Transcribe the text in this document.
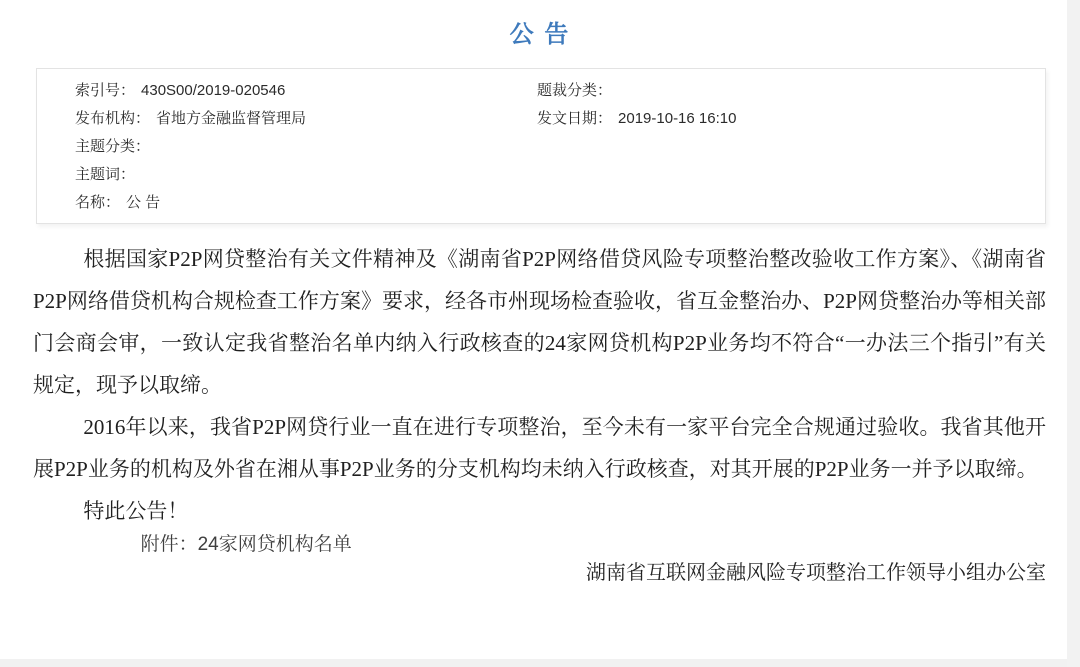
公 告
索引号： 430S00/2019-020546
发布机构： 省地方金融监督管理局
主题分类：
主题词：
名称： 公 告
题裁分类：
发文日期： 2019-10-16 16:10

根据国家P2P网贷整治有关文件精神及《湖南省P2P网络借贷风险专项整治整改验收工作方案》、《湖南省P2P网络借贷机构合规检查工作方案》要求，经各市州现场检查验收，省互金整治办、P2P网贷整治办等相关部门会商会审，一致认定我省整治名单内纳入行政核查的24家网贷机构P2P业务均不符合“一办法三个指引”有关规定，现予以取缔。

2016年以来，我省P2P网贷行业一直在进行专项整治，至今未有一家平台完全合规通过验收。我省其他开展P2P业务的机构及外省在湘从事P2P业务的分支机构均未纳入行政核查，对其开展的P2P业务一并予以取缔。

特此公告！

附件：24家网贷机构名单

湖南省互联网金融风险专项整治工作领导小组办公室
